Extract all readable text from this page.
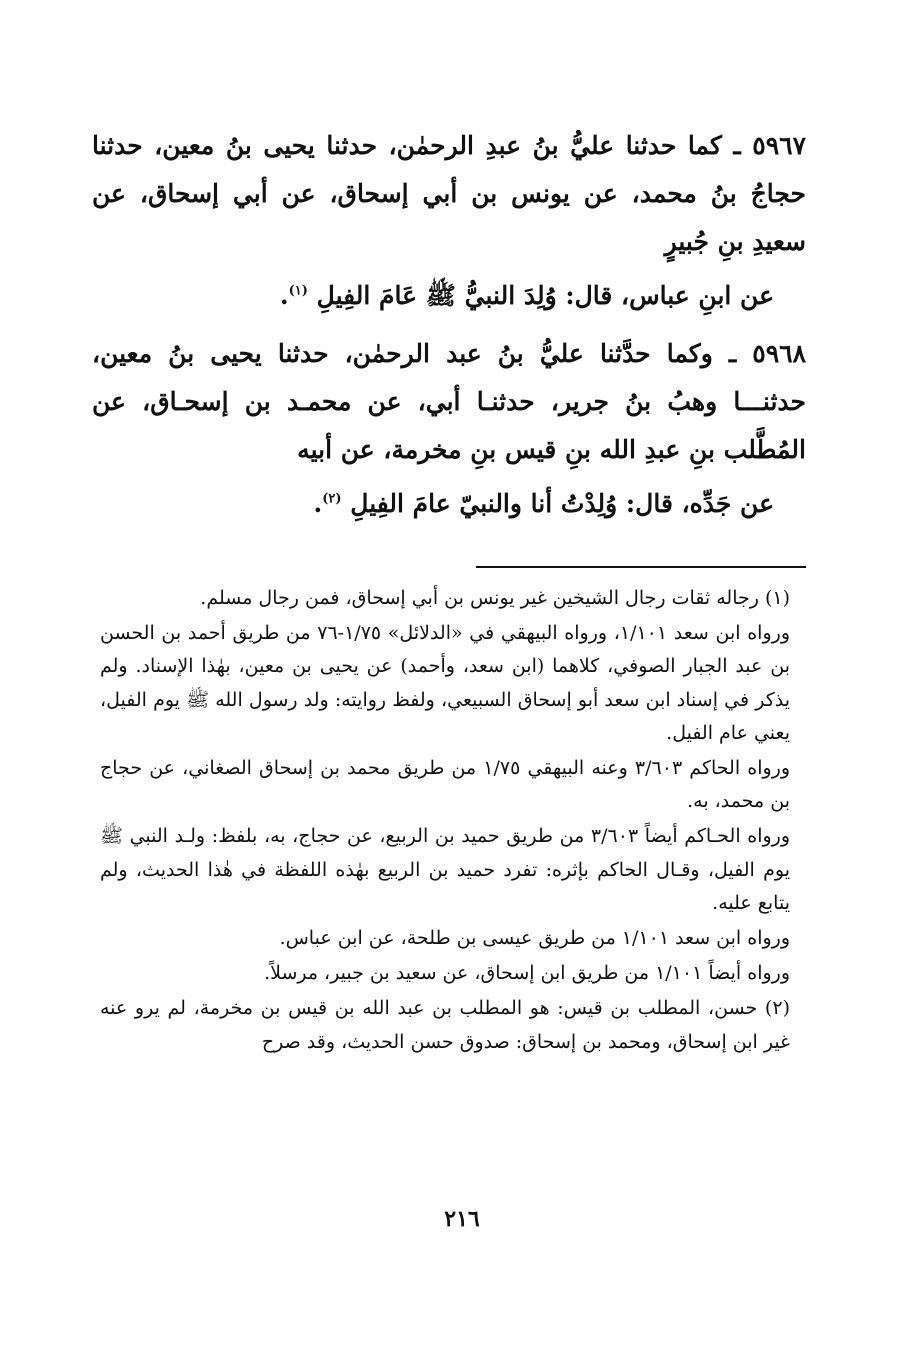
٥٩٦٧ ـ كما حدثنا عليُّ بنُ عبدِ الرحمٰن، حدثنا يحيى بنُ معين، حدثنا حجاجُ بنُ محمد، عن يونس بن أبي إسحاق، عن أبي إسحاق، عن سعيدِ بنِ جُبيرٍ

عن ابنِ عباس، قال: وُلِدَ النبيُّ ﷺ عَامَ الفِيلِ $^{(١)}$.

٥٩٦٨ ـ وكما حدَّثنا عليُّ بنُ عبد الرحمٰن، حدثنا يحيى بنُ معين، حدثنـــا وهبُ بنُ جرير، حدثنـا أبي، عن محمـد بن إسحـاق، عن المُطَّلب بنِ عبدِ الله بنِ قيس بنِ مخرمة، عن أبيه

عن جَدِّه، قال: وُلِدْتُ أنا والنبيّ عامَ الفِيلِ $^{(٢)}$.

(١) رجاله ثقات رجال الشيخين غير يونس بن أبي إسحاق، فمن رجال مسلم.

ورواه ابن سعد ١/١٠١، ورواه البيهقي في «الدلائل» ١/٧٥-٧٦ من طريق أحمد بن الحسن بن عبد الجبار الصوفي، كلاهما (ابن سعد، وأحمد) عن يحيى بن معين، بهٰذا الإسناد. ولم يذكر في إسناد ابن سعد أبو إسحاق السبيعي، ولفظ روايته: ولد رسول الله ﷺ يوم الفيل، يعني عام الفيل.

ورواه الحاكم ٣/٦٠٣ وعنه البيهقي ١/٧٥ من طريق محمد بن إسحاق الصغاني، عن حجاج بن محمد، به.

ورواه الحـاكم أيضاً ٣/٦٠٣ من طريق حميد بن الربيع، عن حجاج، به، بلفظ: ولـد النبي ﷺ يوم الفيل، وقـال الحاكم بإثره: تفرد حميد بن الربيع بهٰذه اللفظة في هٰذا الحديث، ولم يتابع عليه.

ورواه ابن سعد ١/١٠١ من طريق عيسى بن طلحة، عن ابن عباس.

ورواه أيضاً ١/١٠١ من طريق ابن إسحاق، عن سعيد بن جبير، مرسلاً.

(٢) حسن، المطلب بن قيس: هو المطلب بن عبد الله بن قيس بن مخرمة، لم يرو عنه غير ابن إسحاق، ومحمد بن إسحاق: صدوق حسن الحديث، وقد صرح

٢١٦
